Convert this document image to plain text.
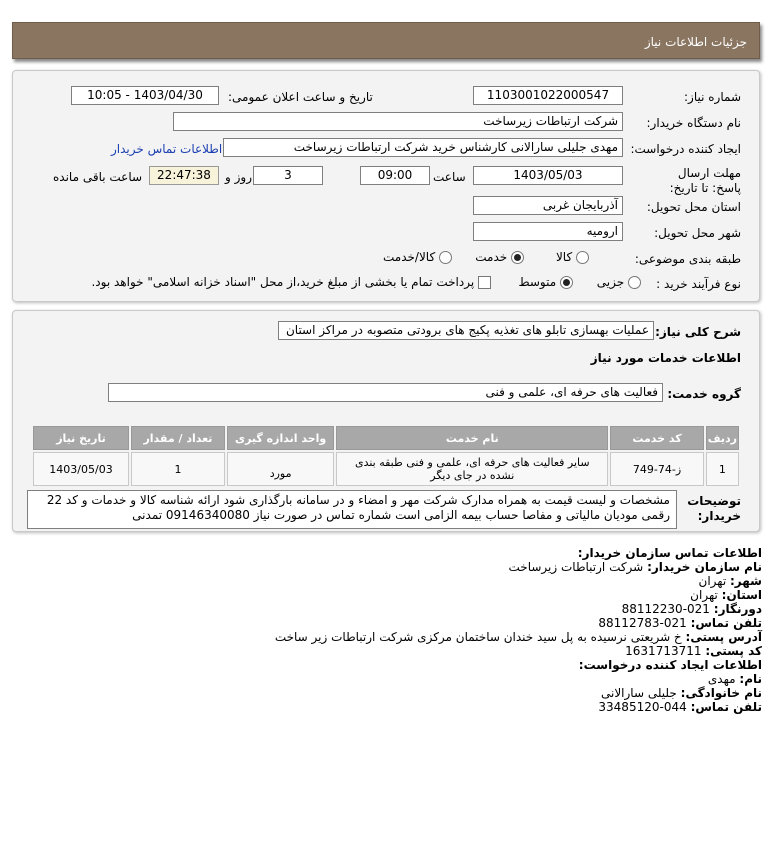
جزئیات اطلاعات نیاز
شماره نیاز:
1103001022000547
تاریخ و ساعت اعلان عمومی:
1403/04/30 - 10:05
نام دستگاه خریدار:
شرکت ارتباطات زیرساخت
ایجاد کننده درخواست:
مهدی جلیلی سارالانی کارشناس خرید شرکت ارتباطات زیرساخت
اطلاعات تماس خریدار
مهلت ارسال پاسخ: تا تاریخ:
1403/05/03
ساعت
09:00
3
روز و
22:47:38
ساعت باقی مانده
استان محل تحویل:
آذربایجان غربی
شهر محل تحویل:
ارومیه
طبقه بندی موضوعی:
کالا
خدمت
کالا/خدمت
نوع فرآیند خرید :
جزیی
متوسط
پرداخت تمام یا بخشی از مبلغ خرید،از محل "اسناد خزانه اسلامی" خواهد بود.
شرح کلی نیاز:
عملیات بهسازی تابلو های تغذیه پکیج های برودتی متصوبه در مراکز استان
اطلاعات خدمات مورد نیاز
گروه خدمت:
فعالیت های حرفه ای، علمی و فنی
ردیف	کد خدمت	نام خدمت	واحد اندازه گیری	تعداد / مقدار	تاریخ نیاز
1	ز-74-749	سایر فعالیت های حرفه ای، علمی و فنی طبقه بندی نشده در جای دیگر	مورد	1	1403/05/03
توضیحات خریدار:
مشخصات و لیست قیمت به همراه مدارک شرکت مهر و امضاء و در سامانه بارگذاری شود ارائه شناسه کالا و خدمات و کد 22 رقمی مودیان مالیاتی و مفاصا حساب بیمه الزامی است شماره تماس در صورت نیاز 09146340080 تمدنی
اطلاعات تماس سازمان خریدار:
نام سازمان خریدار: شرکت ارتباطات زیرساخت
شهر: تهران
استان: تهران
دورنگار: 021-88112230
تلفن تماس: 021-88112783
آدرس پستی: خ شریعتی نرسیده به پل سید خندان ساختمان مرکزی شرکت ارتباطات زیر ساخت
کد پستی: 1631713711
اطلاعات ایجاد کننده درخواست:
نام: مهدی
نام خانوادگی: جلیلی سارالانی
تلفن تماس: 044-33485120
